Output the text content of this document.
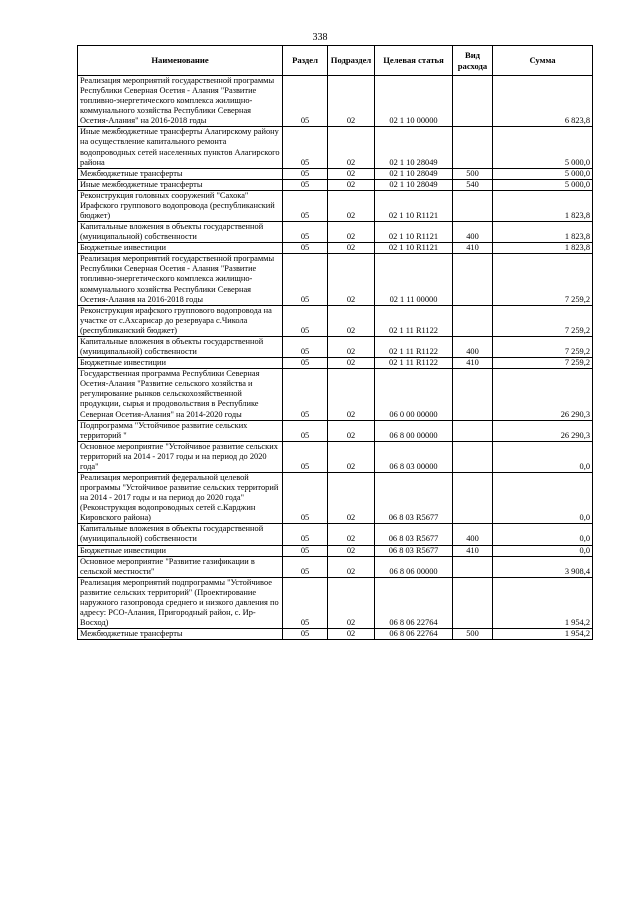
338
Наименование	Раздел	Подраздел	Целевая статья	Вид расхода	Сумма
Реализация мероприятий государственной программы Республики Северная Осетия - Алания "Развитие топливно-энергетического комплекса жилищно-коммунального хозяйства Республики Северная Осетия-Алания" на 2016-2018 годы	05	02	02 1 10 00000		6 823,8
Иные межбюджетные трансферты Алагирскому району на осуществление капитального ремонта водопроводных сетей населенных пунктов Алагирского района	05	02	02 1 10 28049		5 000,0
Межбюджетные трансферты	05	02	02 1 10 28049	500	5 000,0
Иные межбюджетные трансферты	05	02	02 1 10 28049	540	5 000,0
Реконструкция головных сооружений "Сахока" Ирафского группового водопровода (республиканский бюджет)	05	02	02 1 10 R1121		1 823,8
Капитальные вложения в объекты государственной (муниципальной) собственности	05	02	02 1 10 R1121	400	1 823,8
Бюджетные инвестиции	05	02	02 1 10 R1121	410	1 823,8
Реализация мероприятий государственной программы Республики Северная Осетия - Алания "Развитие топливно-энергетического комплекса жилищно-коммунального хозяйства Республики Северная Осетия-Алания на 2016-2018 годы	05	02	02 1 11 00000		7 259,2
Реконструкция ирафского группового водопровода на участке от с.Ахсарисар до резервуара с.Чикола (республиканский бюджет)	05	02	02 1 11 R1122		7 259,2
Капитальные вложения в объекты государственной (муниципальной) собственности	05	02	02 1 11 R1122	400	7 259,2
Бюджетные инвестиции	05	02	02 1 11 R1122	410	7 259,2
Государственная программа Республики Северная Осетия-Алания "Развитие сельского хозяйства и регулирование рынков сельскохозяйственной продукции, сырья и продовольствия в Республике Северная Осетия-Алания" на 2014-2020 годы	05	02	06 0 00 00000		26 290,3
Подпрограмма "Устойчивое развитие сельских территорий "	05	02	06 8 00 00000		26 290,3
Основное мероприятие "Устойчивое развитие сельских территорий на 2014 - 2017 годы и на период до 2020 года"	05	02	06 8 03 00000		0,0
Реализация мероприятий федеральной целевой программы "Устойчивое развитие сельских территорий на 2014 - 2017 годы и на период до 2020 года" (Реконструкция водопроводных сетей с.Карджин Кировского района)	05	02	06 8 03 R5677		0,0
Капитальные вложения в объекты государственной (муниципальной) собственности	05	02	06 8 03 R5677	400	0,0
Бюджетные инвестиции	05	02	06 8 03 R5677	410	0,0
Основное мероприятие "Развитие газификации в сельской местности"	05	02	06 8 06 00000		3 908,4
Реализация мероприятий подпрограммы "Устойчивое развитие сельских территорий" (Проектирование наружного газопровода среднего и низкого давления по адресу: РСО-Алания, Пригородный район, с. Ир-Восход)	05	02	06 8 06 22764		1 954,2
Межбюджетные трансферты	05	02	06 8 06 22764	500	1 954,2
